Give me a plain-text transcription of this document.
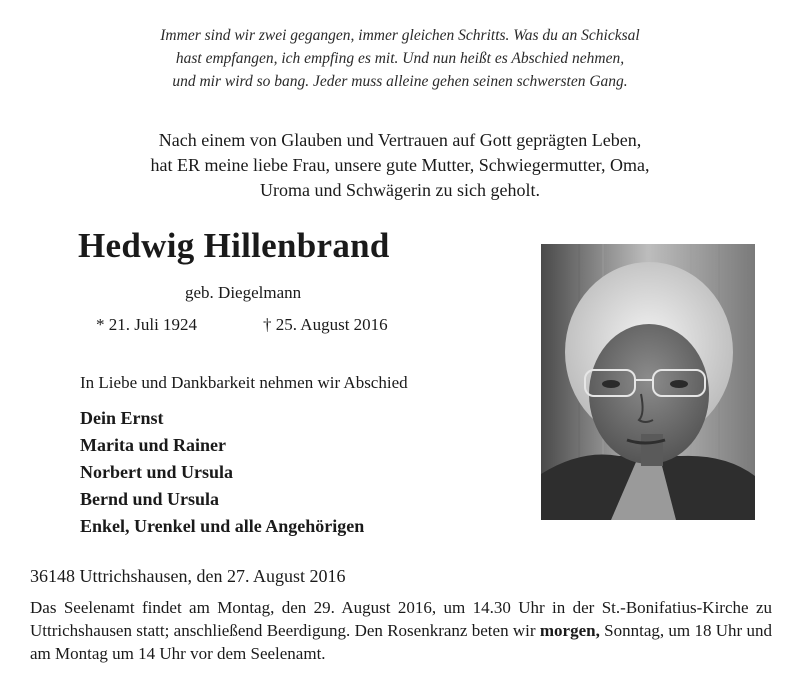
Immer sind wir zwei gegangen, immer gleichen Schritts. Was du an Schicksal
hast empfangen, ich empfing es mit. Und nun heißt es Abschied nehmen,
und mir wird so bang. Jeder muss alleine gehen seinen schwersten Gang.
Nach einem von Glauben und Vertrauen auf Gott geprägten Leben,
hat ER meine liebe Frau, unsere gute Mutter, Schwiegermutter, Oma,
Uroma und Schwägerin zu sich geholt.
Hedwig Hillenbrand
geb. Diegelmann
* 21. Juli 1924	† 25. August 2016
In Liebe und Dankbarkeit nehmen wir Abschied
Dein Ernst
Marita und Rainer
Norbert und Ursula
Bernd und Ursula
Enkel, Urenkel und alle Angehörigen
36148 Uttrichshausen, den 27. August 2016
Das Seelenamt findet am Montag, den 29. August 2016, um 14.30 Uhr in der St.-Bonifatius-Kirche zu Uttrichshausen statt; anschließend Beerdigung. Den Rosenkranz beten wir morgen, Sonntag, um 18 Uhr und am Montag um 14 Uhr vor dem Seelenamt.
